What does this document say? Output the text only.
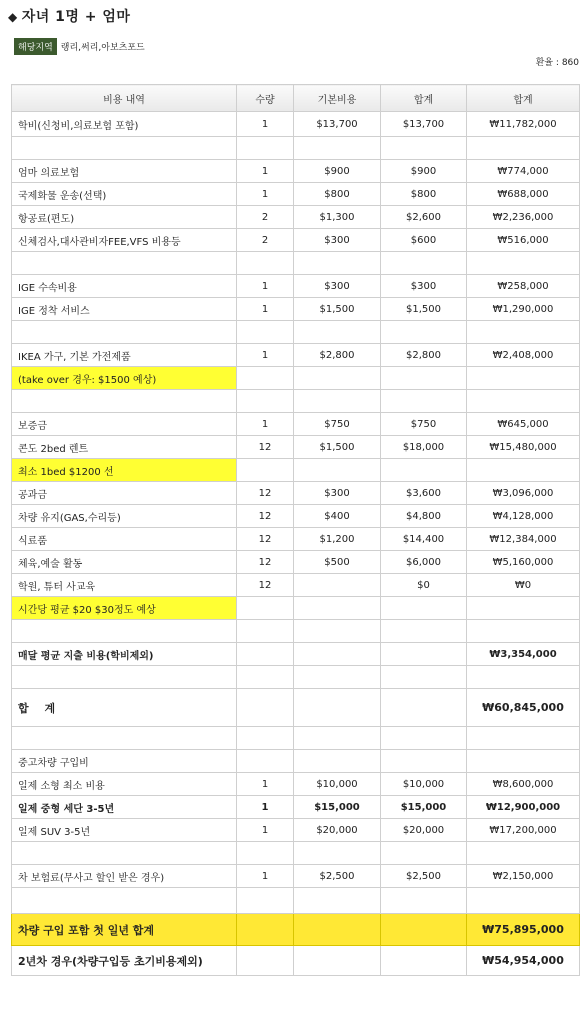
◆ 자녀 1명 + 엄마
해당지역 랭리,써리,아보츠포드
환율 : 860
비용 내역	수량	기본비용	합계	합계
학비(신청비,의료보험 포함)	1	$13,700	$13,700	₩11,782,000

엄마 의료보험	1	$900	$900	₩774,000
국제화물 운송(선택)	1	$800	$800	₩688,000
항공료(편도)	2	$1,300	$2,600	₩2,236,000
신체검사,대사관비자FEE,VFS 비용등	2	$300	$600	₩516,000

IGE 수속비용	1	$300	$300	₩258,000
IGE 정착 서비스	1	$1,500	$1,500	₩1,290,000

IKEA 가구, 기본 가전제품	1	$2,800	$2,800	₩2,408,000
(take over 경우: $1500 예상)				

보증금	1	$750	$750	₩645,000
콘도 2bed 렌트	12	$1,500	$18,000	₩15,480,000
최소 1bed $1200 선				
공과금	12	$300	$3,600	₩3,096,000
차량 유지(GAS,수리등)	12	$400	$4,800	₩4,128,000
식료품	12	$1,200	$14,400	₩12,384,000
체육,예술 활동	12	$500	$6,000	₩5,160,000
학원, 튜터 사교육	12		$0	₩0
시간당 평균 $20 $30정도 예상				

매달 평균 지출 비용(학비제외)				₩3,354,000

합 계				₩60,845,000

중고차량 구입비				
일제 소형 최소 비용	1	$10,000	$10,000	₩8,600,000
일제 중형 세단 3-5년	1	$15,000	$15,000	₩12,900,000
일제 SUV 3-5년	1	$20,000	$20,000	₩17,200,000

차 보험료(무사고 할인 받은 경우)	1	$2,500	$2,500	₩2,150,000

차량 구입 포함 첫 일년 합계				₩75,895,000
2년차 경우(차량구입등 초기비용제외)				₩54,954,000
